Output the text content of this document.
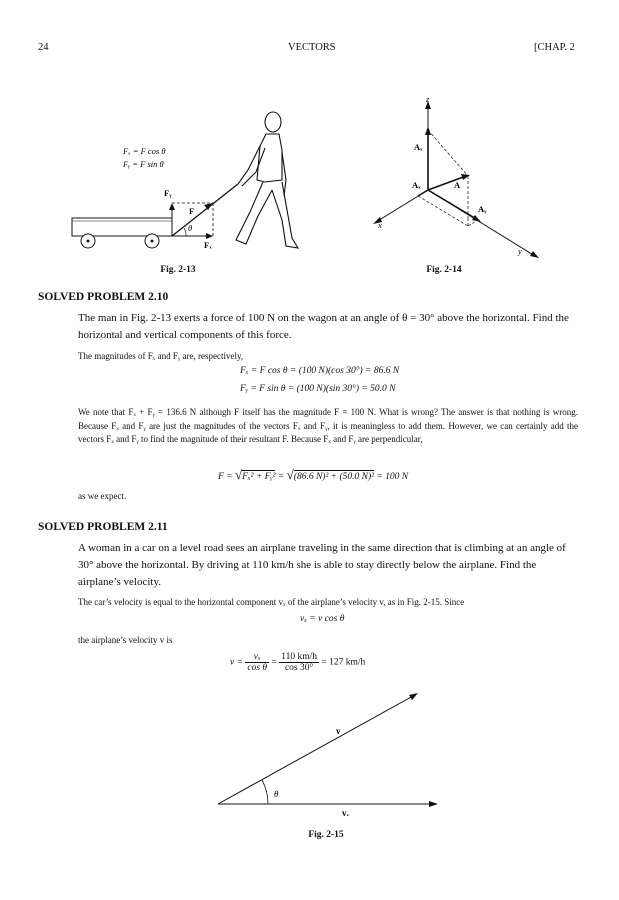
24	VECTORS	[CHAP. 2
Fₓ = F cos θ
Fᵧ = F sin θ
Fᵧ
F
θ
Fₓ
Fig. 2-13
z
Aₓ
Aₓ	A
Aᵧ
x
y
Fig. 2-14
SOLVED PROBLEM 2.10
The man in Fig. 2-13 exerts a force of 100 N on the wagon at an angle of θ = 30° above the horizontal. Find the horizontal and vertical components of this force.
The magnitudes of Fₓ and Fᵧ are, respectively,
Fₓ = F cos θ = (100 N)(cos 30°) = 86.6 N
Fᵧ = F sin θ = (100 N)(sin 30°) = 50.0 N
We note that Fₓ + Fᵧ = 136.6 N although F itself has the magnitude F = 100 N. What is wrong? The answer is that nothing is wrong. Because Fₓ and Fᵧ are just the magnitudes of the vectors Fₓ and Fᵧ, it is meaningless to add them. However, we can certainly add the vectors Fₓ and Fᵧ to find the magnitude of their resultant F. Because Fₓ and Fᵧ are perpendicular,
F = √Fₓ² + Fᵧ² = √(86.6 N)² + (50.0 N)² = 100 N
as we expect.
SOLVED PROBLEM 2.11
A woman in a car on a level road sees an airplane traveling in the same direction that is climbing at an angle of 30° above the horizontal. By driving at 110 km/h she is able to stay directly below the airplane. Find the airplane’s velocity.
The car’s velocity is equal to the horizontal component vₓ of the airplane’s velocity v, as in Fig. 2-15. Since
vₓ = v cos θ
the airplane’s velocity v is
$v = \frac{\text{vₓ}}{\text{cos θ}} = \frac{110 km/h}{\cos 30^\circ} = 127$ km/h
v
θ
vₓ
Fig. 2-15
